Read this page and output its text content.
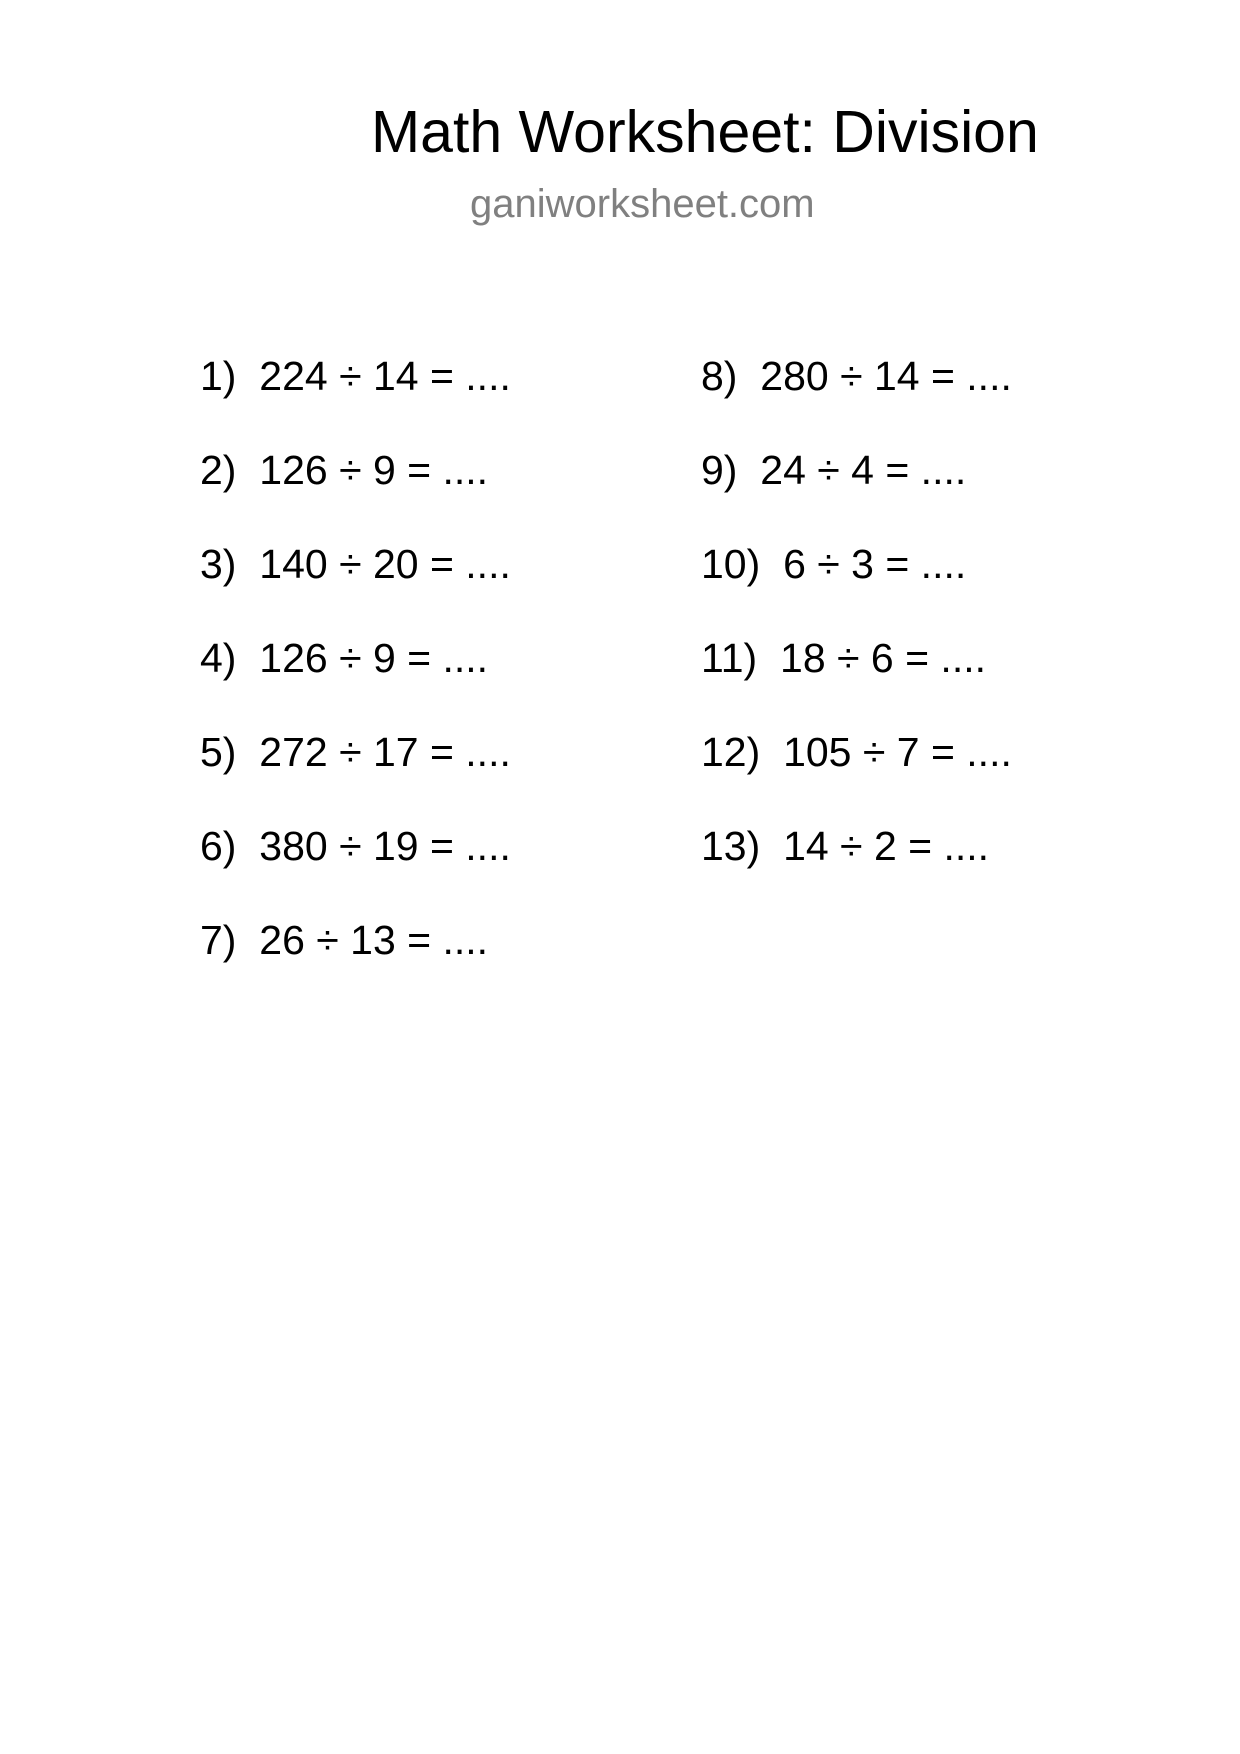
Math Worksheet: Division
ganiworksheet.com
1) 224 ÷ 14 = ....
2) 126 ÷ 9 = ....
3) 140 ÷ 20 = ....
4) 126 ÷ 9 = ....
5) 272 ÷ 17 = ....
6) 380 ÷ 19 = ....
7) 26 ÷ 13 = ....
8) 280 ÷ 14 = ....
9) 24 ÷ 4 = ....
10) 6 ÷ 3 = ....
11) 18 ÷ 6 = ....
12) 105 ÷ 7 = ....
13) 14 ÷ 2 = ....
